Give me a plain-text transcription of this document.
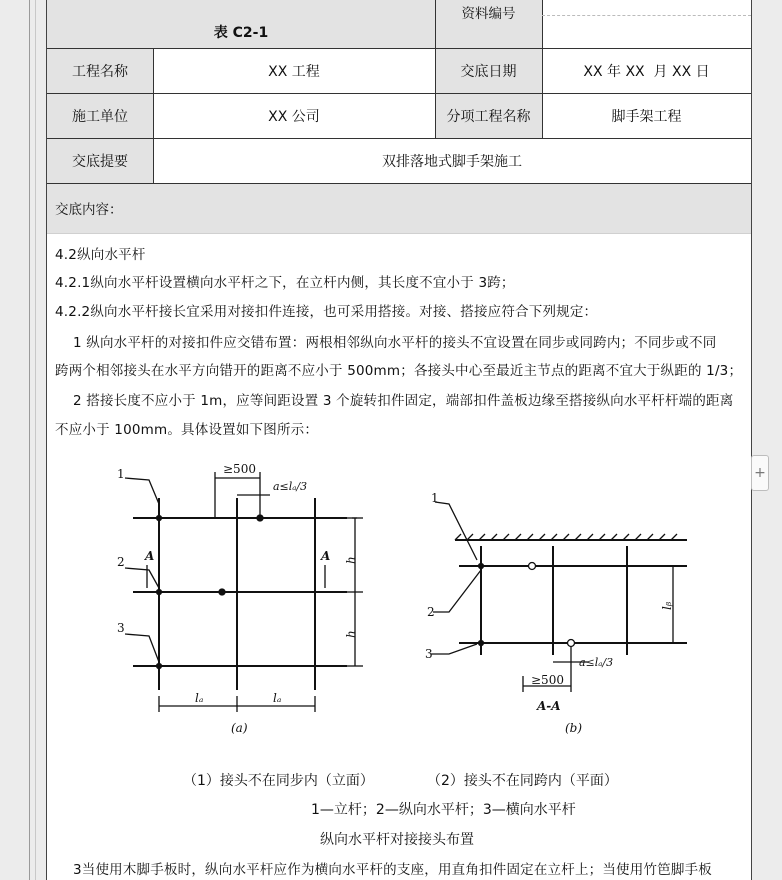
表 C2-1
资料编号
工程名称	XX 工程	交底日期	XX 年 XX  月 XX 日
施工单位	XX 公司	分项工程名称	脚手架工程
交底提要	双排落地式脚手架施工
交底内容：
4.2纵向水平杆
4.2.1纵向水平杆设置横向水平杆之下，在立杆内侧，其长度不宜小于 3跨；
4.2.2纵向水平杆接长宜采用对接扣件连接，也可采用搭接。对接、搭接应符合下列规定：
1 纵向水平杆的对接扣件应交错布置：两根相邻纵向水平杆的接头不宜设置在同步或同跨内；不同步或不同
跨两个相邻接头在水平方向错开的距离不应小于 500mm；各接头中心至最近主节点的距离不宜大于纵距的 1/3；
2 搭接长度不应小于 1m，应等间距设置 3 个旋转扣件固定，端部扣件盖板边缘至搭接纵向水平杆杆端的距离
不应小于 100mm。具体设置如下图所示：
1
2
3
≥500
a≤lₐ/3
A	A h
h
lₐ	lₐ
(a)
1
2
3
lᵦ
a≤lₐ/3
≥500
A-A
(b)
（1）接头不在同步内（立面）	（2）接头不在同跨内（平面）
1—立杆；2—纵向水平杆；3—横向水平杆
纵向水平杆对接接头布置
3当使用木脚手板时，纵向水平杆应作为横向水平杆的支座，用直角扣件固定在立杆上；当使用竹笆脚手板
+
